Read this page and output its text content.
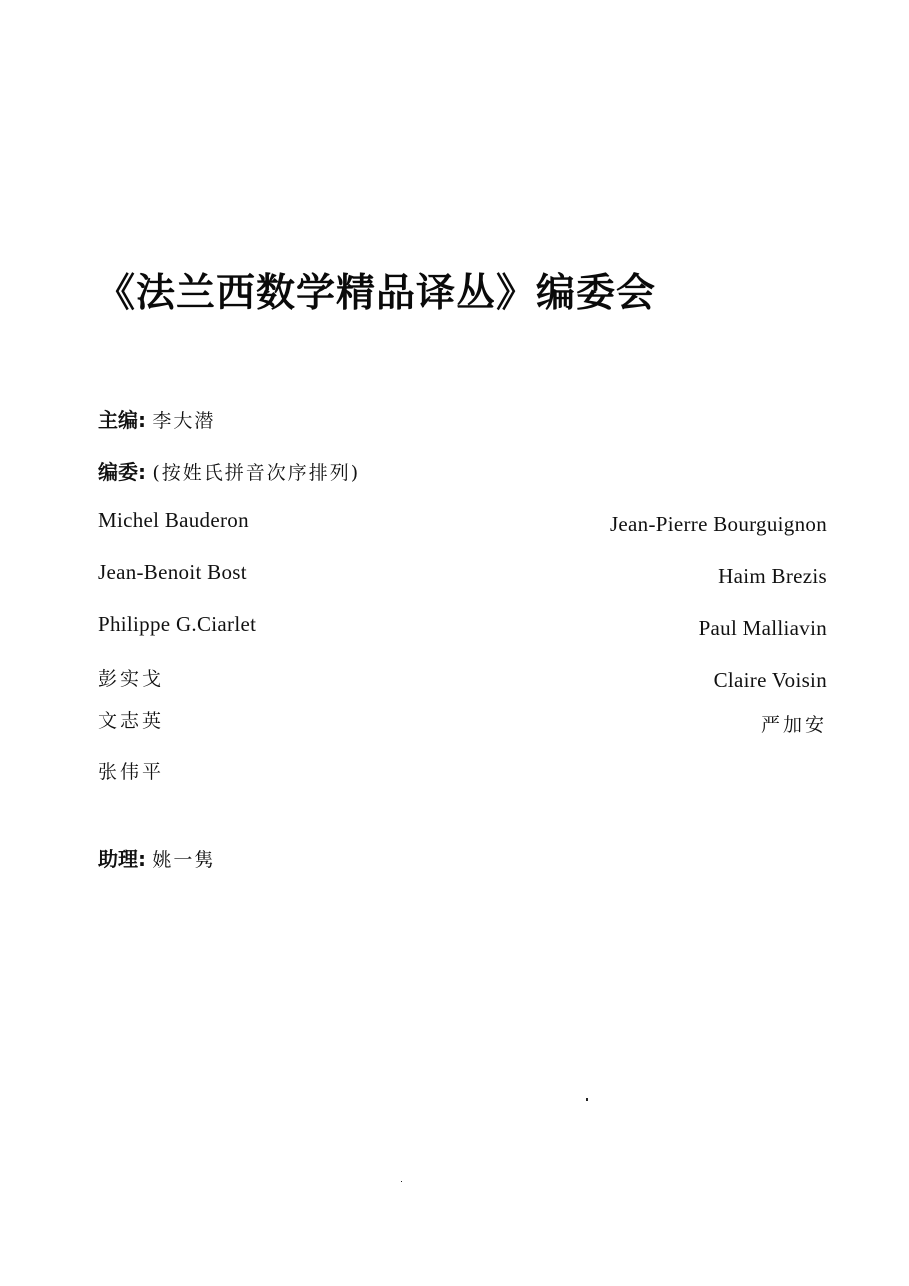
《法兰西数学精品译丛》编委会
主编: 李大潜
编委: (按姓氏拼音次序排列)
Michel Bauderon
Jean-Benoit Bost
Philippe G.Ciarlet
彭实戈
文志英
张伟平
Jean-Pierre Bourguignon
Haim Brezis
Paul Malliavin
Claire Voisin
严加安
助理: 姚一隽
